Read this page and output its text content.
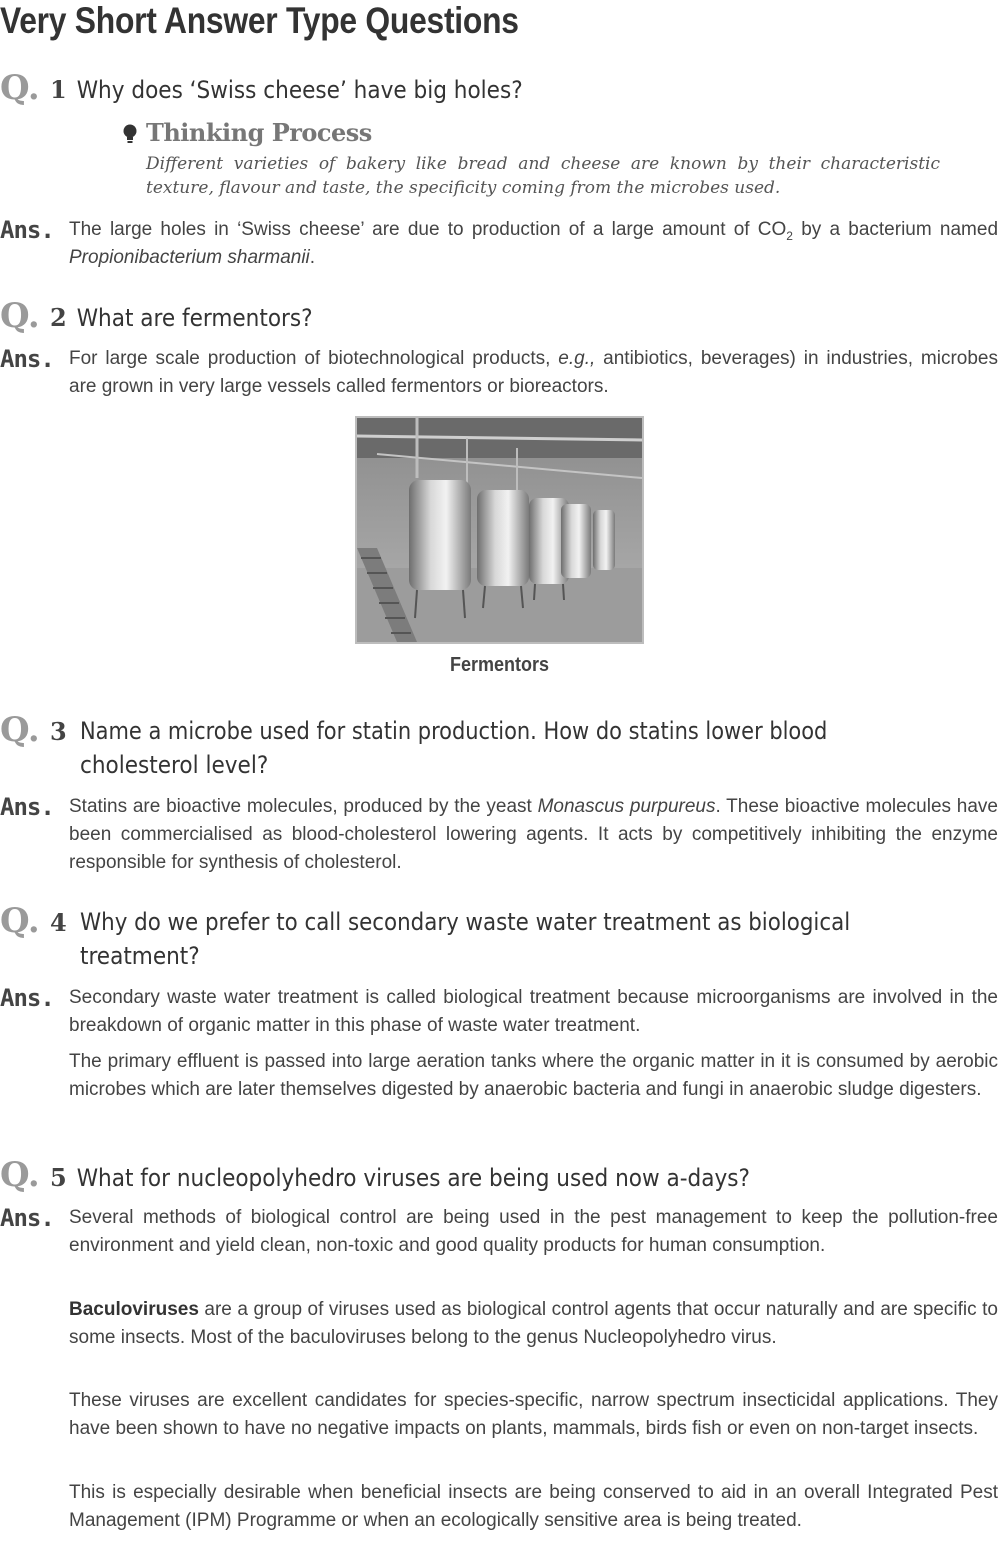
Very Short Answer Type Questions
Q. 1 Why does ‘Swiss cheese’ have big holes?
Thinking Process
Different varieties of bakery like bread and cheese are known by their characteristic texture, flavour and taste, the specificity coming from the microbes used.
Ans. The large holes in ‘Swiss cheese’ are due to production of a large amount of $CO_2$ by a bacterium named Propionibacterium sharmanii.
Q. 2 What are fermentors?
Ans. For large scale production of biotechnological products, e.g., antibiotics, beverages) in industries, microbes are grown in very large vessels called fermentors or bioreactors.
Fermentors
Q. 3 Name a microbe used for statin production. How do statins lower blood
cholesterol level?
Ans. Statins are bioactive molecules, produced by the yeast Monascus purpureus. These bioactive molecules have been commercialised as blood-cholesterol lowering agents. It acts by competitively inhibiting the enzyme responsible for synthesis of cholesterol.
Q. 4 Why do we prefer to call secondary waste water treatment as biological
treatment?
Ans. Secondary waste water treatment is called biological treatment because microorganisms are involved in the breakdown of organic matter in this phase of waste water treatment.
The primary effluent is passed into large aeration tanks where the organic matter in it is consumed by aerobic microbes which are later themselves digested by anaerobic bacteria and fungi in anaerobic sludge digesters.
Q. 5 What for nucleopolyhedro viruses are being used now a-days?
Ans. Several methods of biological control are being used in the pest management to keep the pollution-free environment and yield clean, non-toxic and good quality products for human consumption.
Baculoviruses are a group of viruses used as biological control agents that occur naturally and are specific to some insects. Most of the baculoviruses belong to the genus Nucleopolyhedro virus.
These viruses are excellent candidates for species-specific, narrow spectrum insecticidal applications. They have been shown to have no negative impacts on plants, mammals, birds fish or even on non-target insects.
This is especially desirable when beneficial insects are being conserved to aid in an overall Integrated Pest Management (IPM) Programme or when an ecologically sensitive area is being treated.
